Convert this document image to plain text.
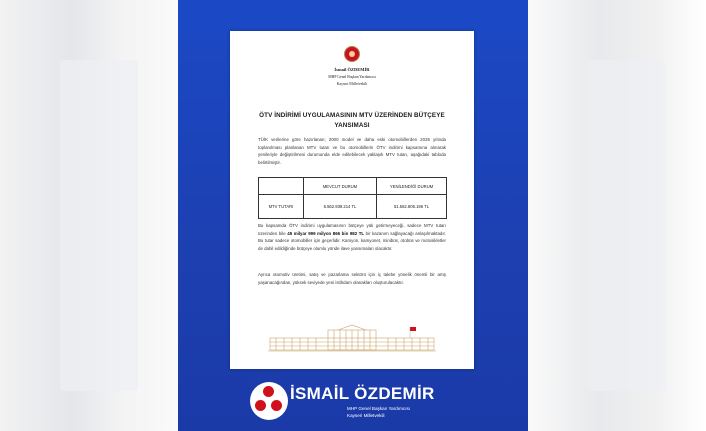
İsmail ÖZDEMİR
MHP Genel Başkan Yardımcısı
Kayseri Milletvekili
ÖTV İNDİRİMİ UYGULAMASININ MTV ÜZERİNDEN BÜTÇEYE YANSIMASI
TÜİK verilerine göre hazırlanan; 2000 model ve daha eski otomobillerden 2026 yılında toplanılması planlanan MTV tutarı ve bu otomobillerin ÖTV indirimi kapsamına alınarak yenileriyle değiştirilmesi durumunda elde edilebilecek yaklaşık MTV tutarı, aşağıdaki tabloda belirtilmiştir.
	MEVCUT DURUM	YENİLENDİĞİ DURUM
MTV TUTARI	5.562.939.214 TL	51.562.806.196 TL
Bu kapsamda ÖTV indirimi uygulamasının bütçeye yük getirmeyeceği, sadece MTV tutarı üzerinden bile 45 milyar 999 milyon 866 bin 982 TL bir kazanım sağlayacağı anlaşılmaktadır. Bu tutar sadece otomobiller için geçerlidir. Kamyon, kamyonet, minibüs, otobüs ve motosikletler de dahil edildiğinde bütçeye olumlu yönde ilave yansımaları olacaktır.
Ayrıca otomotiv üretimi, satış ve pazarlama sektörü için iç talebe yönelik önemli bir artış yaşanacağından, yüksek seviyede yeni istihdam olanakları oluşturulacaktır.
İSMAİL ÖZDEMİR
MHP Genel Başkan Yardımcısı
Kayseri Milletvekili
